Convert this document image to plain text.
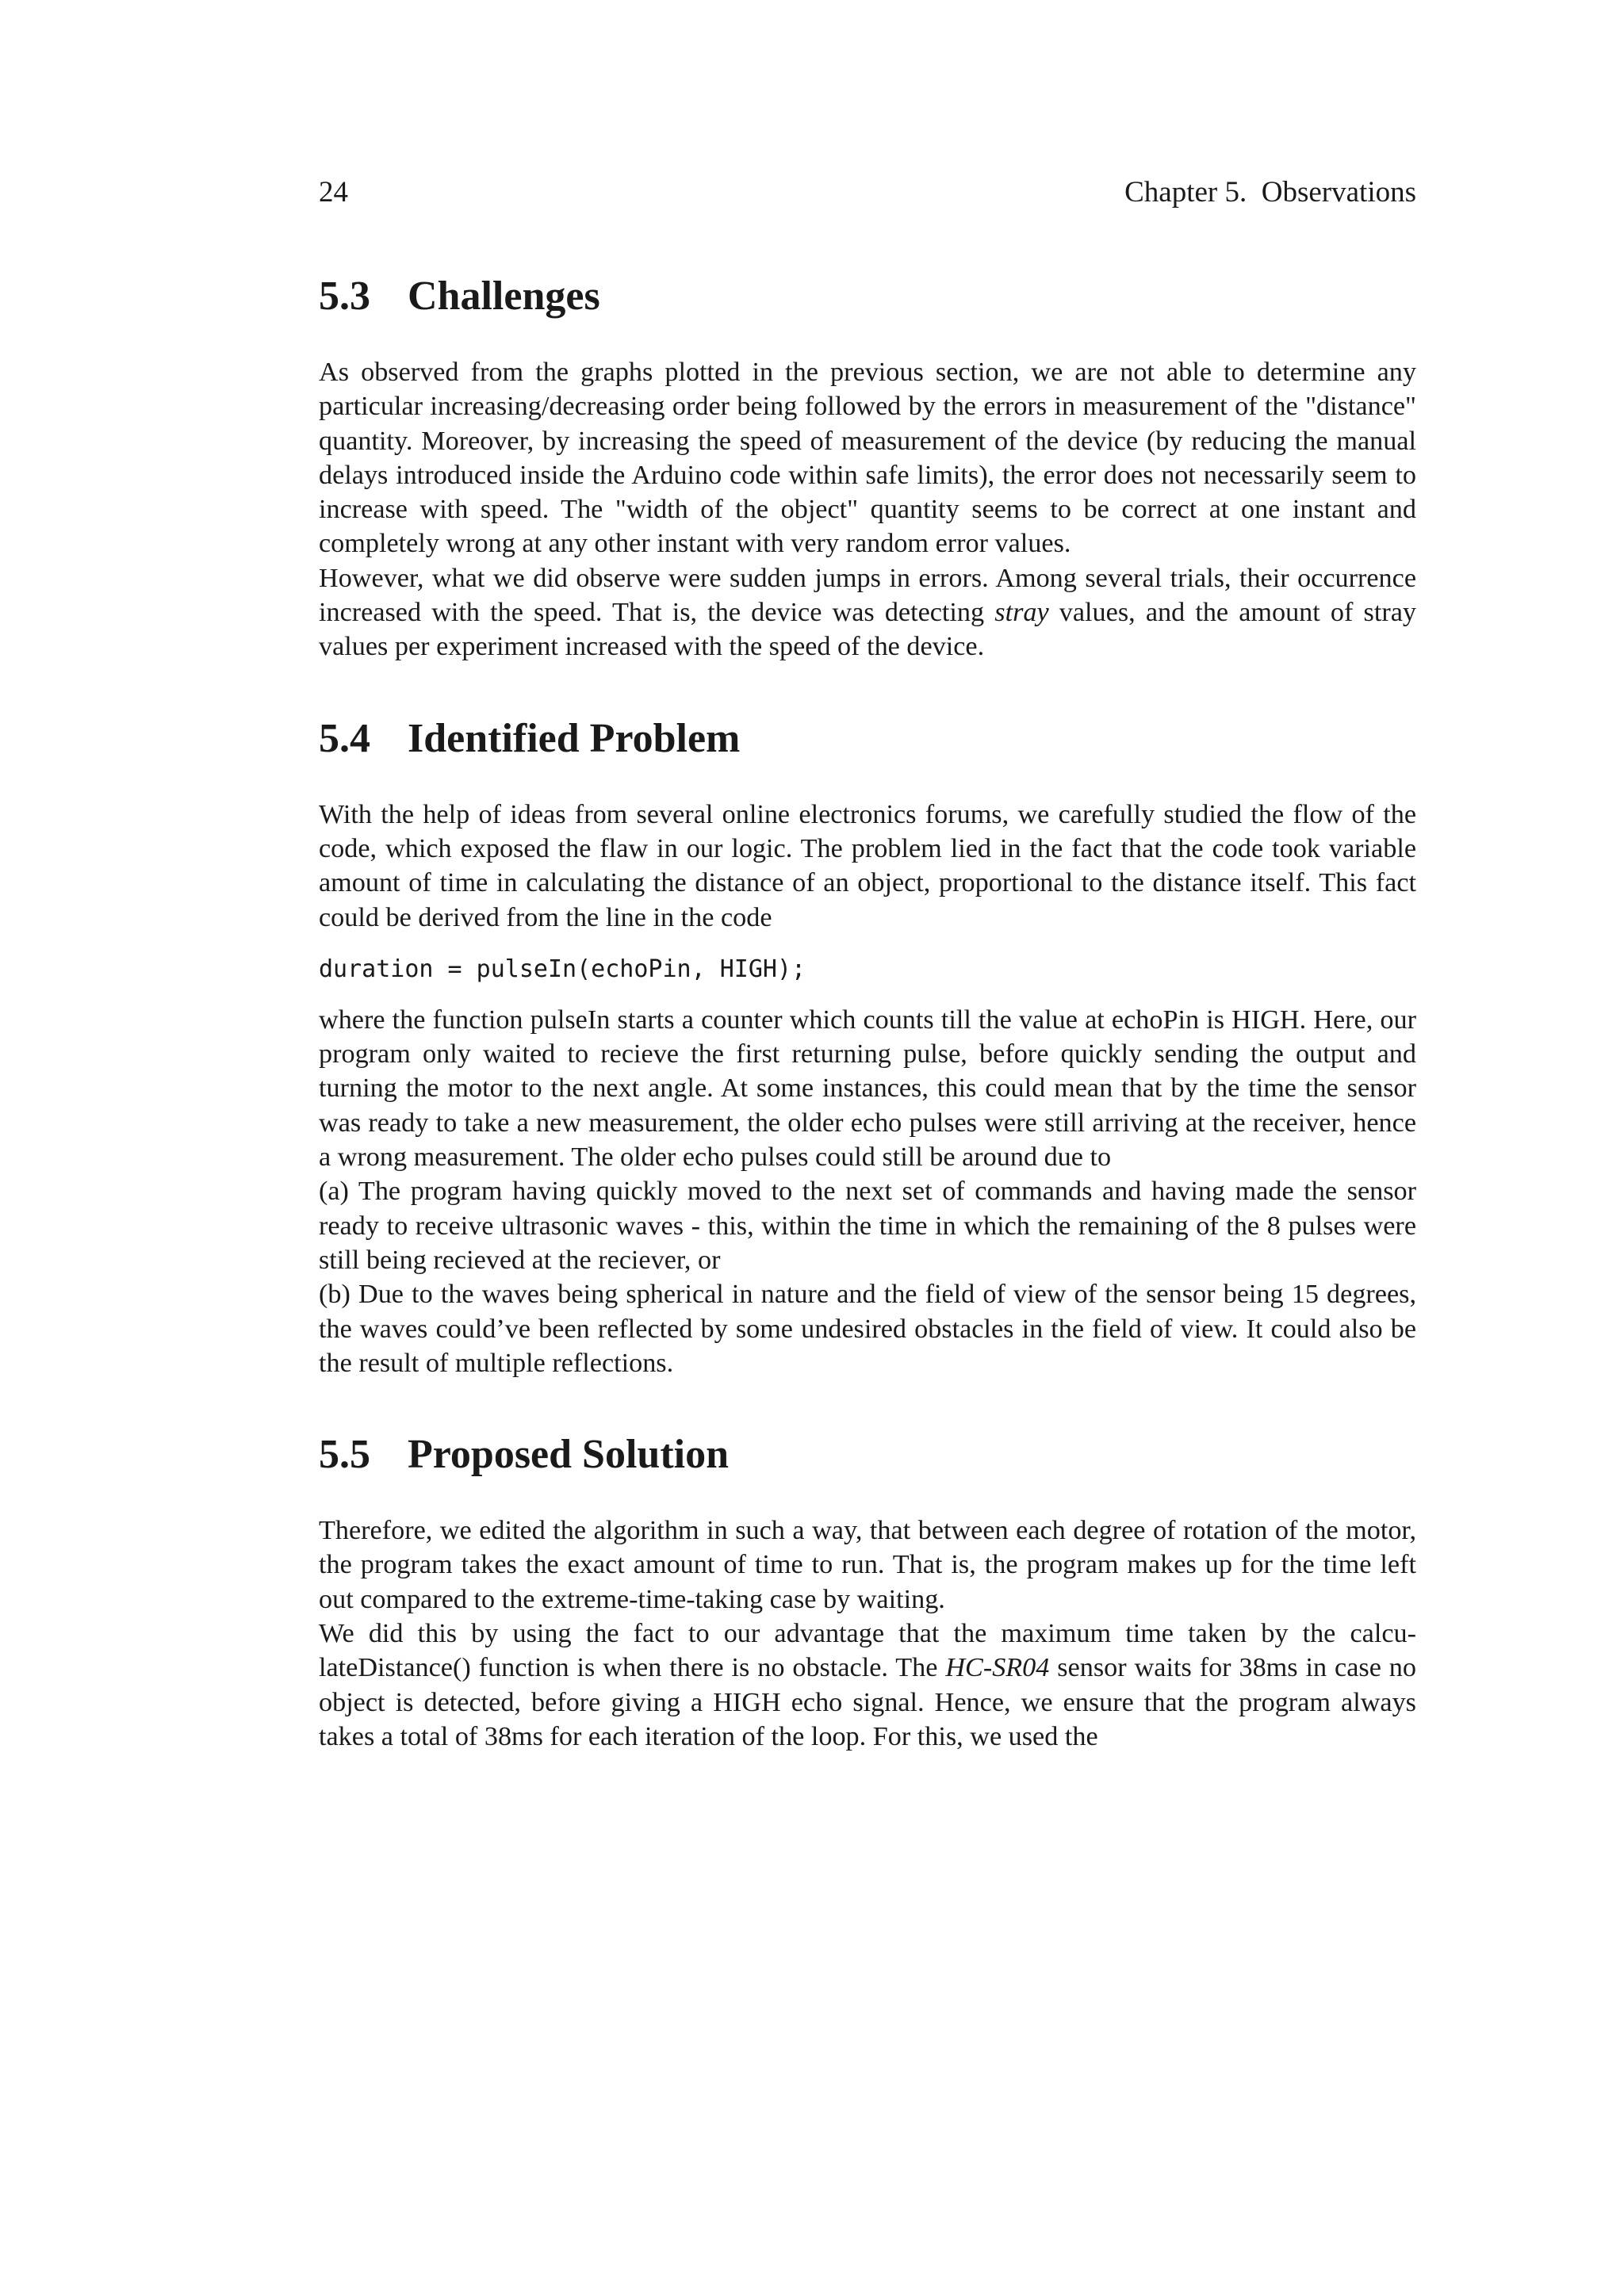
24	Chapter 5.  Observations
5.3 Challenges

As observed from the graphs plotted in the previous section, we are not able to determine any particular increasing/decreasing order being followed by the errors in measurement of the "distance" quantity. Moreover, by increasing the speed of measurement of the device (by reducing the manual delays introduced inside the Arduino code within safe limits), the error does not necessarily seem to increase with speed. The "width of the object" quantity seems to be correct at one instant and completely wrong at any other instant with very random error values.

However, what we did observe were sudden jumps in errors. Among several trials, their occurrence increased with the speed. That is, the device was detecting stray values, and the amount of stray values per experiment increased with the speed of the device.

5.4 Identified Problem

With the help of ideas from several online electronics forums, we carefully studied the flow of the code, which exposed the flaw in our logic. The problem lied in the fact that the code took variable amount of time in calculating the distance of an object, proportional to the distance itself. This fact could be derived from the line in the code

duration = pulseIn(echoPin, HIGH);

where the function pulseIn starts a counter which counts till the value at echoPin is HIGH. Here, our program only waited to recieve the first returning pulse, before quickly sending the output and turning the motor to the next angle. At some instances, this could mean that by the time the sensor was ready to take a new measurement, the older echo pulses were still arriving at the receiver, hence a wrong measurement. The older echo pulses could still be around due to

(a) The program having quickly moved to the next set of commands and having made the sensor ready to receive ultrasonic waves - this, within the time in which the remaining of the 8 pulses were still being recieved at the reciever, or

(b) Due to the waves being spherical in nature and the field of view of the sensor being 15 degrees, the waves could’ve been reflected by some undesired obstacles in the field of view. It could also be the result of multiple reflections.

5.5 Proposed Solution

Therefore, we edited the algorithm in such a way, that between each degree of rotation of the motor, the program takes the exact amount of time to run. That is, the program makes up for the time left out compared to the extreme-time-taking case by waiting.

We did this by using the fact to our advantage that the maximum time taken by the calculateDistance() function is when there is no obstacle. The HC-SR04 sensor waits for 38ms in case no object is detected, before giving a HIGH echo signal. Hence, we ensure that the program always takes a total of 38ms for each iteration of the loop. For this, we used the
